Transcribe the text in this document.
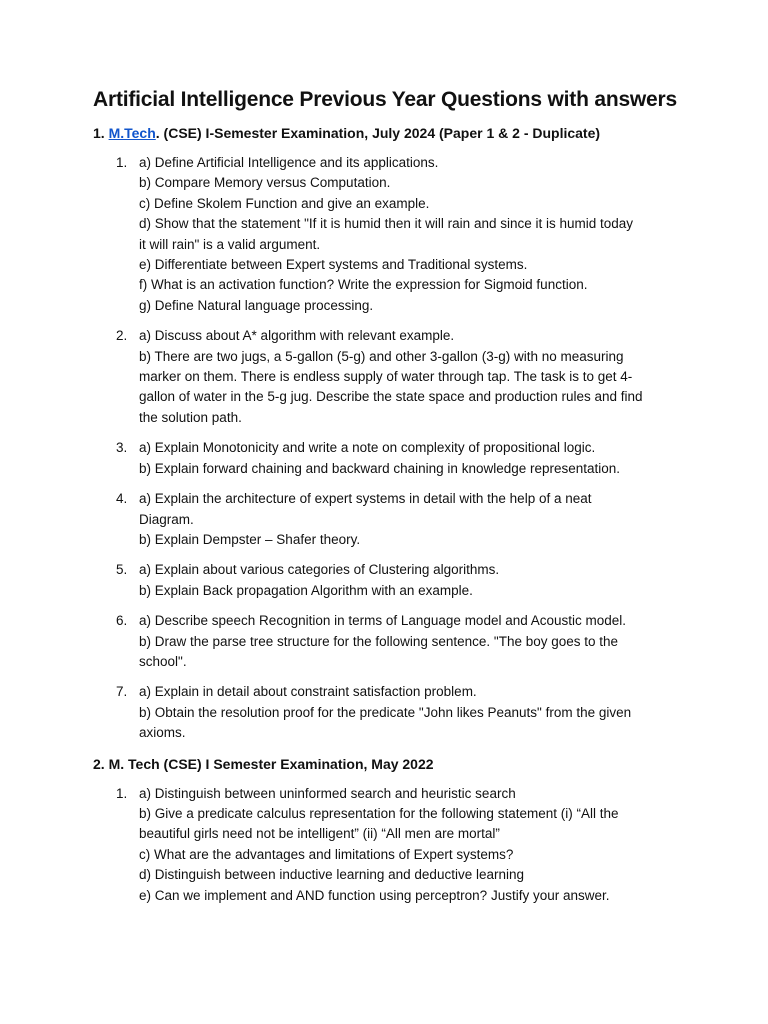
Artificial Intelligence Previous Year Questions with answers
1. M.Tech. (CSE) I-Semester Examination, July 2024 (Paper 1 & 2 - Duplicate)
1. a) Define Artificial Intelligence and its applications.
b) Compare Memory versus Computation.
c) Define Skolem Function and give an example.
d) Show that the statement "If it is humid then it will rain and since it is humid today
it will rain" is a valid argument.
e) Differentiate between Expert systems and Traditional systems.
f) What is an activation function? Write the expression for Sigmoid function.
g) Define Natural language processing.
2. a) Discuss about A* algorithm with relevant example.
b) There are two jugs, a 5-gallon (5-g) and other 3-gallon (3-g) with no measuring
marker on them. There is endless supply of water through tap. The task is to get 4-
gallon of water in the 5-g jug. Describe the state space and production rules and find
the solution path.
3. a) Explain Monotonicity and write a note on complexity of propositional logic.
b) Explain forward chaining and backward chaining in knowledge representation.
4. a) Explain the architecture of expert systems in detail with the help of a neat
Diagram.
b) Explain Dempster – Shafer theory.
5. a) Explain about various categories of Clustering algorithms.
b) Explain Back propagation Algorithm with an example.
6. a) Describe speech Recognition in terms of Language model and Acoustic model.
b) Draw the parse tree structure for the following sentence. "The boy goes to the
school".
7. a) Explain in detail about constraint satisfaction problem.
b) Obtain the resolution proof for the predicate "John likes Peanuts" from the given
axioms.
2. M. Tech (CSE) I Semester Examination, May 2022
1. a) Distinguish between uninformed search and heuristic search
b) Give a predicate calculus representation for the following statement (i) “All the
beautiful girls need not be intelligent” (ii) “All men are mortal”
c) What are the advantages and limitations of Expert systems?
d) Distinguish between inductive learning and deductive learning
e) Can we implement and AND function using perceptron? Justify your answer.
